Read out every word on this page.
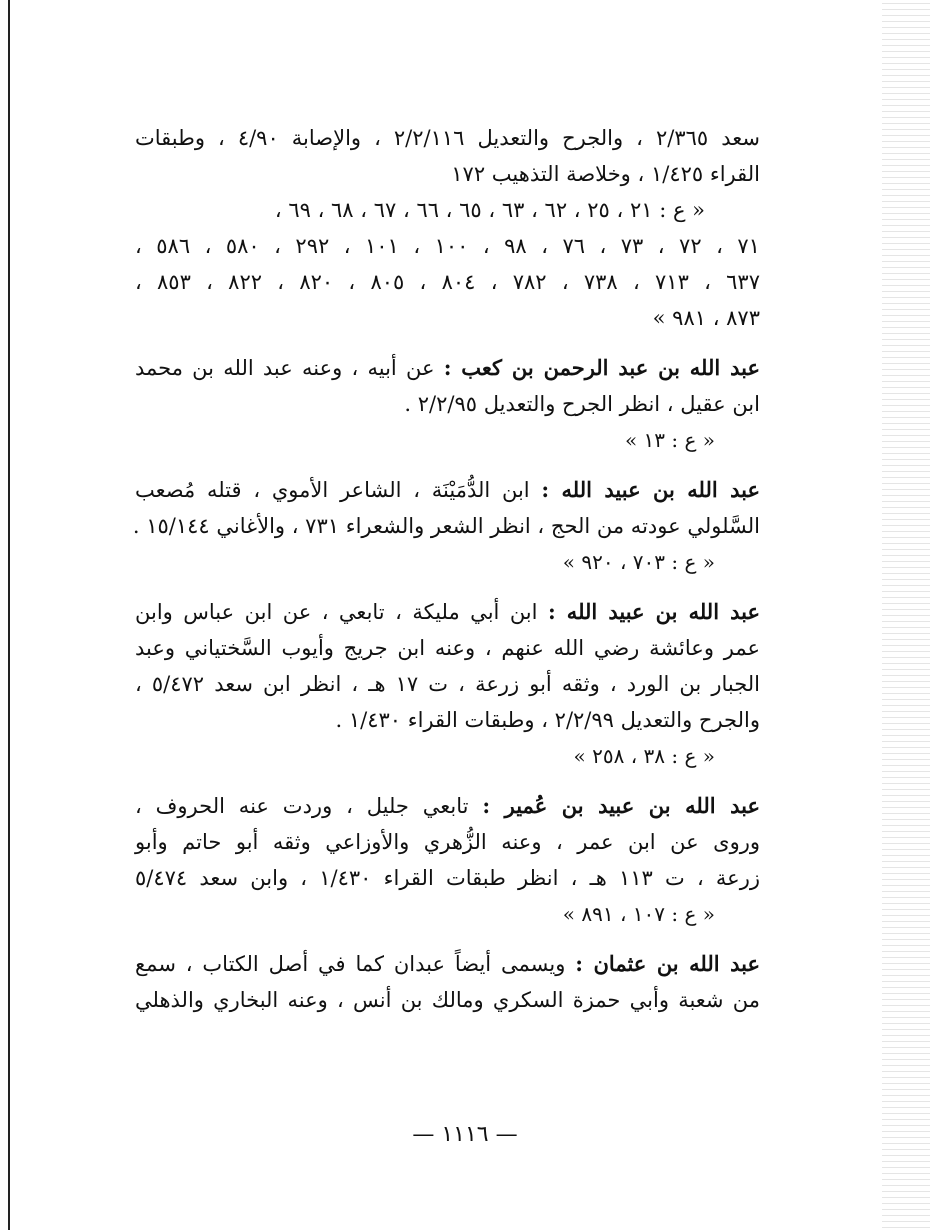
سعد ٢/٣٦٥ ، والجرح والتعديل ٢/٢/١١٦ ، والإصابة ٤/٩٠ ، وطبقات
القراء ١/٤٢٥ ، وخلاصة التذهيب ١٧٢
« ع : ٢١ ، ٢٥ ، ٦٢ ، ٦٣ ، ٦٥ ، ٦٦ ، ٦٧ ، ٦٨ ، ٦٩ ،
٧١ ، ٧٢ ، ٧٣ ، ٧٦ ، ٩٨ ، ١٠٠ ، ١٠١ ، ٢٩٢ ، ٥٨٠ ، ٥٨٦ ،
٦٣٧ ، ٧١٣ ، ٧٣٨ ، ٧٨٢ ، ٨٠٤ ، ٨٠٥ ، ٨٢٠ ، ٨٢٢ ، ٨٥٣ ،
٨٧٣ ، ٩٨١ »
عبد الله بن عبد الرحمن بن كعب : عن أبيه ، وعنه عبد الله بن محمد
ابن عقيل ، انظر الجرح والتعديل ٢/٢/٩٥ .
« ع : ١٣ »
عبد الله بن عبيد الله : ابن الدُّمَيْنَة ، الشاعر الأموي ، قتله مُصعب
السَّلولي عودته من الحج ، انظر الشعر والشعراء ٧٣١ ، والأغاني ١٥/١٤٤ .
« ع : ٧٠٣ ، ٩٢٠ »
عبد الله بن عبيد الله : ابن أبي مليكة ، تابعي ، عن ابن عباس وابن
عمر وعائشة رضي الله عنهم ، وعنه ابن جريج وأيوب السَّختياني وعبد
الجبار بن الورد ، وثقه أبو زرعة ، ت ١٧ هـ ، انظر ابن سعد ٥/٤٧٢ ،
والجرح والتعديل ٢/٢/٩٩ ، وطبقات القراء ١/٤٣٠ .
« ع : ٣٨ ، ٢٥٨ »
عبد الله بن عبيد بن عُمير : تابعي جليل ، وردت عنه الحروف ،
وروى عن ابن عمر ، وعنه الزُّهري والأوزاعي وثقه أبو حاتم وأبو
زرعة ، ت ١١٣ هـ ، انظر طبقات القراء ١/٤٣٠ ، وابن سعد ٥/٤٧٤
« ع : ١٠٧ ، ٨٩١ »
عبد الله بن عثمان : ويسمى أيضاً عبدان كما في أصل الكتاب ، سمع
من شعبة وأبي حمزة السكري ومالك بن أنس ، وعنه البخاري والذهلي
— ١١١٦ —
